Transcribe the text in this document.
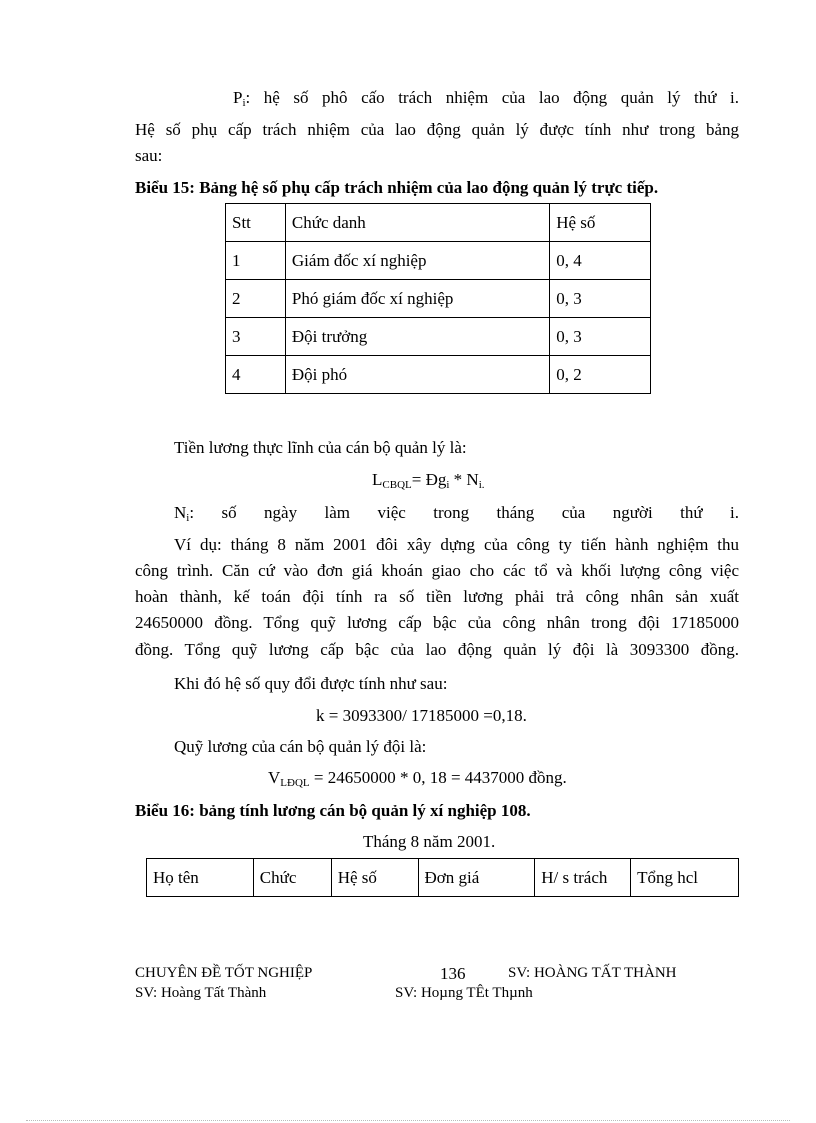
$P_i$: hệ số phô cấo trách nhiệm của lao động quản lý thứ i.
Hệ số phụ cấp trách nhiệm của lao động quản lý được tính như trong bảng
sau:
Biểu 15: Bảng hệ số phụ cấp trách nhiệm của lao động quản lý trực tiếp.
Stt	Chức danh	Hệ số
1	Giám đốc xí nghiệp	0, 4
2	Phó giám đốc xí nghiệp	0, 3
3	Đội trưởng	0, 3
4	Đội phó	0, 2
Tiền lương thực lĩnh của cán bộ quản lý là:
$L_{CBQL}=$ $Đg_i * N_{i.}$
$N_i$: số ngày làm việc trong tháng của người thứ i.
Ví dụ: tháng 8 năm 2001 đôi xây dựng của công ty tiến hành nghiệm thu
công trình. Căn cứ vào đơn giá khoán giao cho các tổ và khối lượng công việc
hoàn thành, kế toán đội tính ra số tiền lương phải trả công nhân sản xuất
24650000 đồng. Tổng quỹ lương cấp bậc của công nhân trong đội 17185000
đồng. Tổng quỹ lương cấp bậc của lao động quản lý đội là 3093300 đồng.
Khi đó hệ số quy đổi được tính như sau:
k = 3093300/ 17185000 =0,18.
Quỹ lương của cán bộ quản lý đội là:
$V_{LĐQL} = 24650000 * 0$, 18 = 4437000 đồng.
Biểu 16: bảng tính lương cán bộ quản lý xí nghiệp 108.
Tháng 8 năm 2001.
Họ tên	Chức	Hệ số	Đơn giá	H/ s trách	Tổng hcl
CHUYÊN ĐỀ TỐT NGHIỆP	136	SV: HOÀNG TẤT THÀNH
SV: Hoàng Tất Thành	SV: Hoµng TÊt Thµnh
